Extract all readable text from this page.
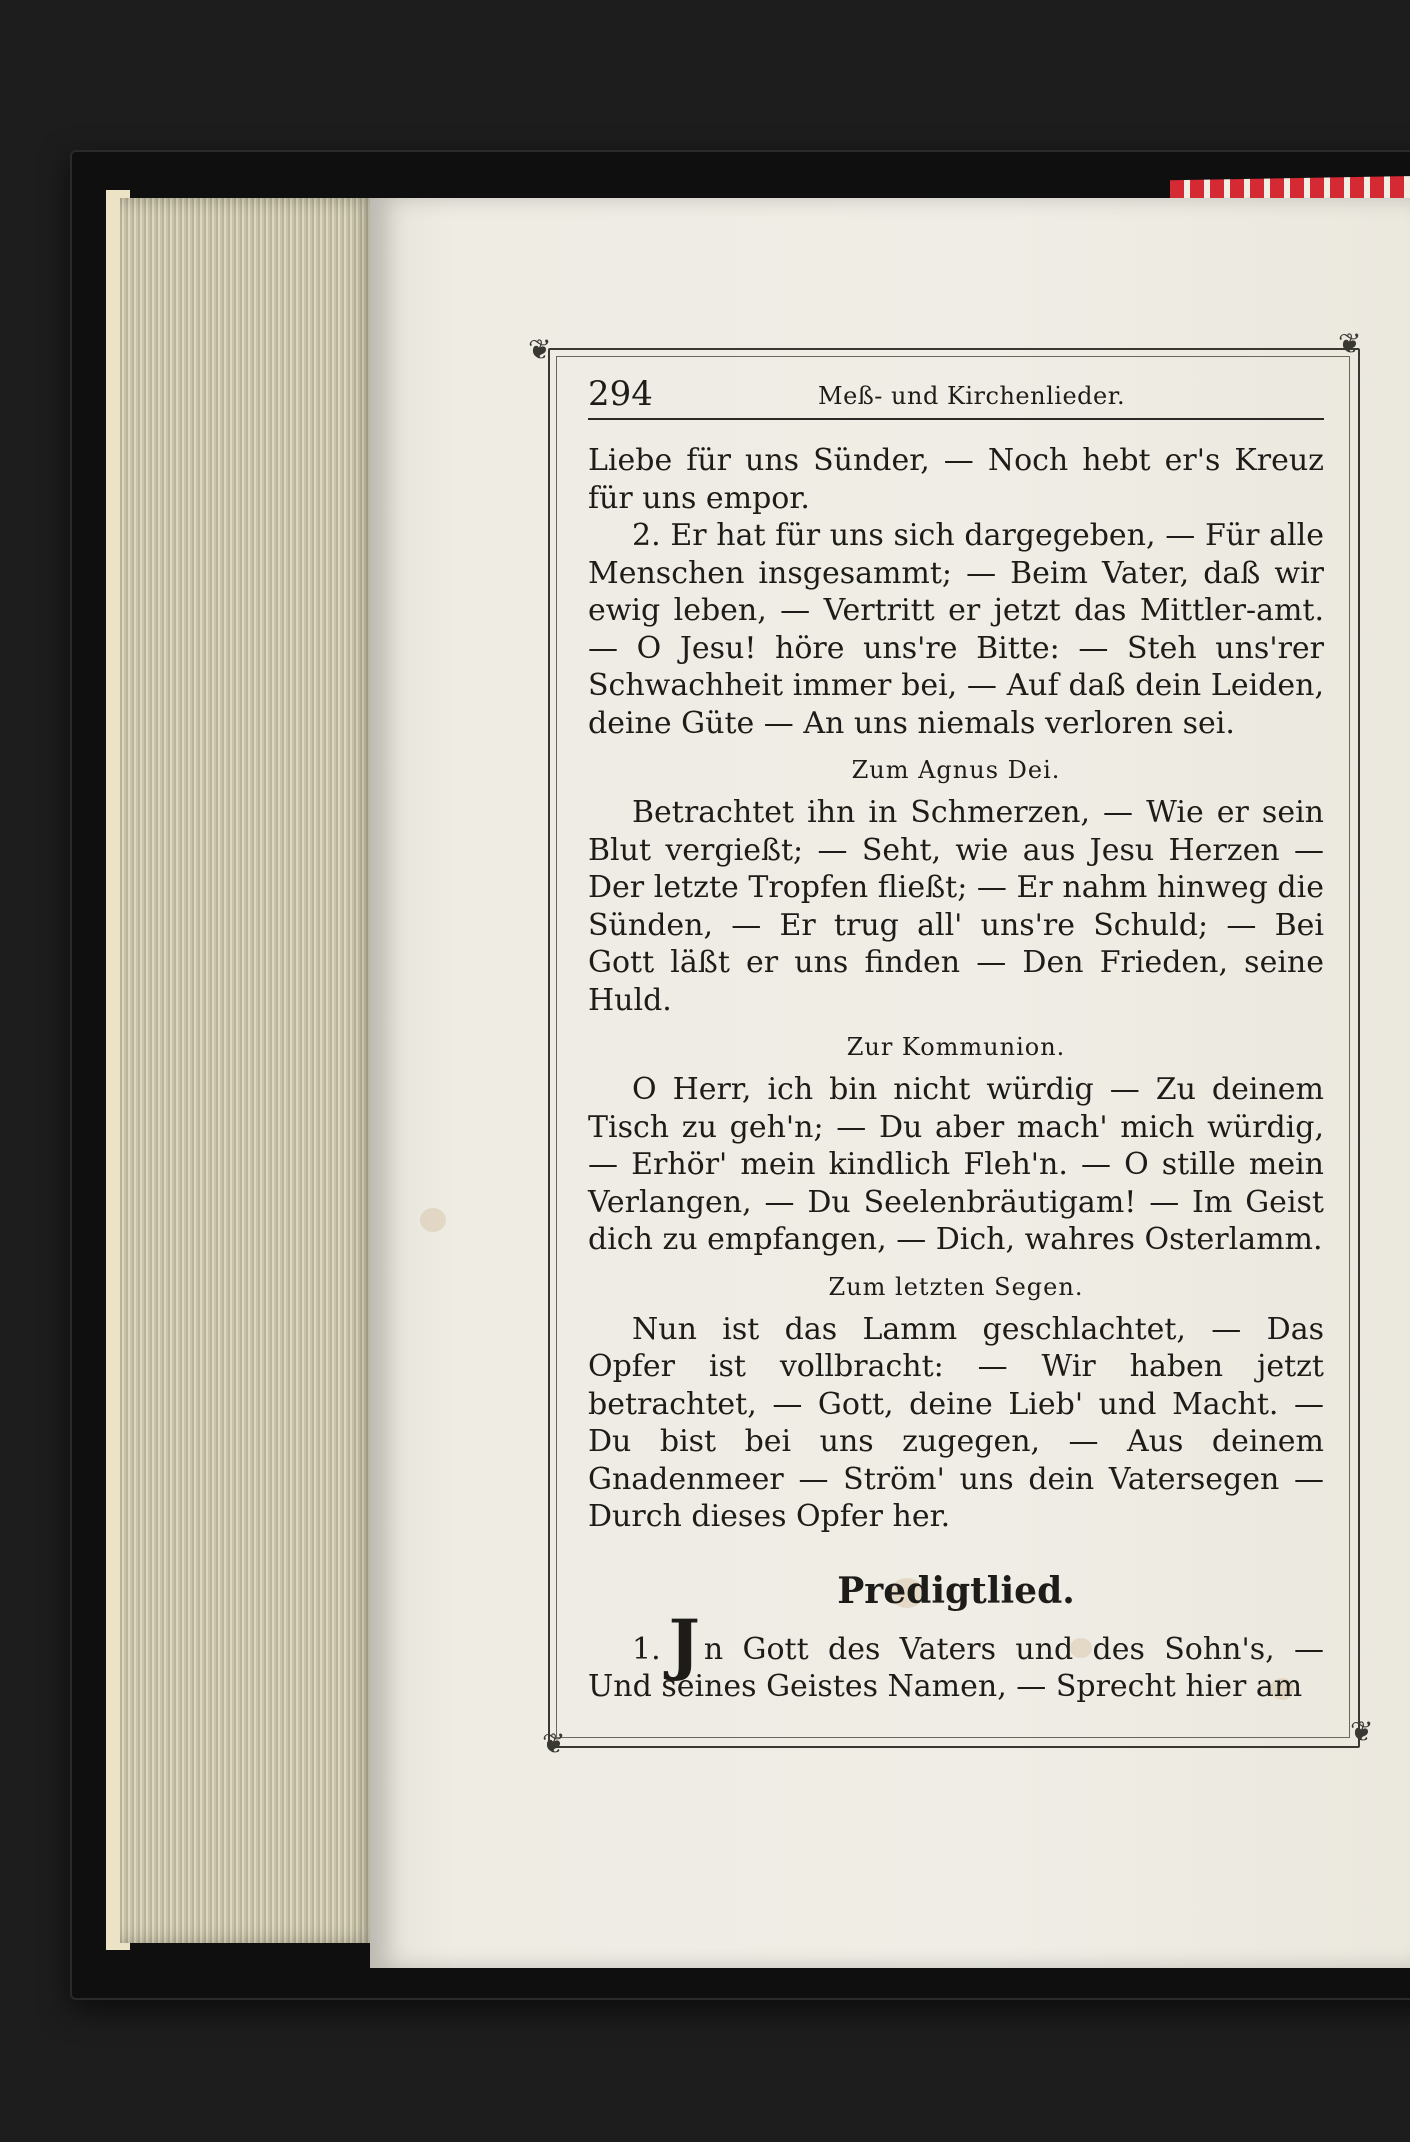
❦	❦
❦	❦
294	Meß- und Kirchenlieder.

Liebe für uns Sünder, — Noch hebt er's Kreuz für uns empor.

2. Er hat für uns sich dargegeben, — Für alle Menschen insgesammt; — Beim Vater, daß wir ewig leben, — Vertritt er jetzt das Mittler-amt. — O Jesu! höre uns're Bitte: — Steh uns'rer Schwachheit immer bei, — Auf daß dein Leiden, deine Güte — An uns niemals verloren sei.

Zum Agnus Dei.

Betrachtet ihn in Schmerzen, — Wie er sein Blut vergießt; — Seht, wie aus Jesu Herzen — Der letzte Tropfen fließt; — Er nahm hinweg die Sünden, — Er trug all' uns're Schuld; — Bei Gott läßt er uns finden — Den Frieden, seine Huld.

Zur Kommunion.

O Herr, ich bin nicht würdig — Zu deinem Tisch zu geh'n; — Du aber mach' mich würdig, — Erhör' mein kindlich Fleh'n. — O stille mein Verlangen, — Du Seelenbräutigam! — Im Geist dich zu empfangen, — Dich, wahres Osterlamm.

Zum letzten Segen.

Nun ist das Lamm geschlachtet, — Das Opfer ist vollbracht: — Wir haben jetzt betrachtet, — Gott, deine Lieb' und Macht. — Du bist bei uns zugegen, — Aus deinem Gnadenmeer — Ström' uns dein Vatersegen — Durch dieses Opfer her.

Predigtlied.

1. J n Gott des Vaters und des Sohn's, — Und seines Geistes Namen, — Sprecht hier am
